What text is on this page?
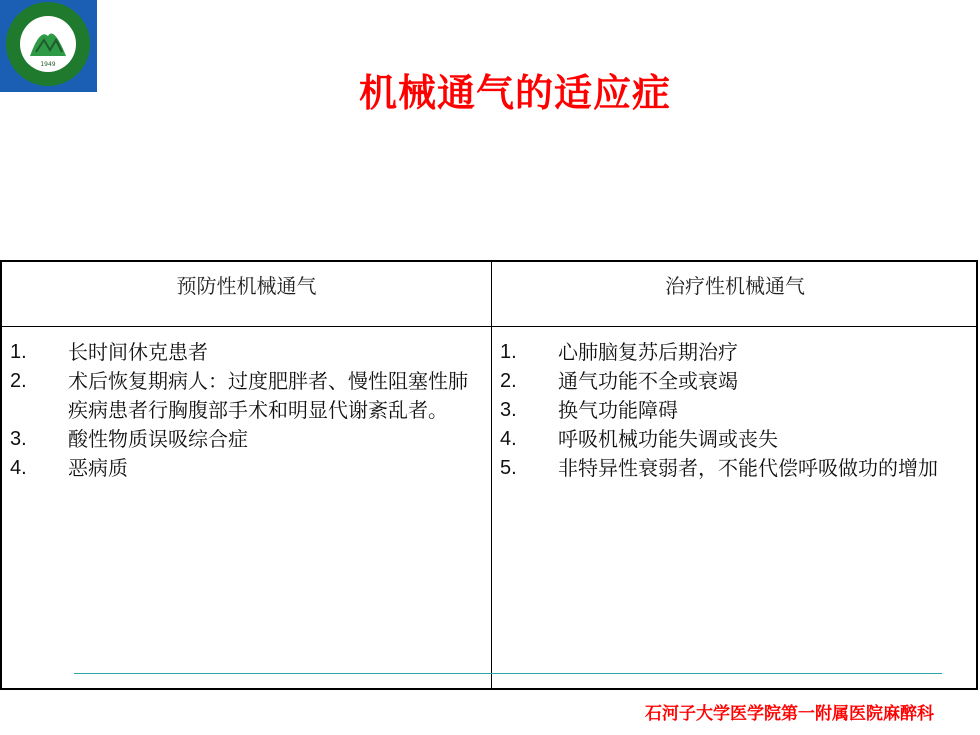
1949
机械通气的适应症
预防性机械通气	治疗性机械通气
1.	长时间休克患者
2.	术后恢复期病人：过度肥胖者、慢性阻塞性肺疾病患者行胸腹部手术和明显代谢紊乱者。
3.	酸性物质误吸综合症
4.	恶病质
1.	心肺脑复苏后期治疗
2.	通气功能不全或衰竭
3.	换气功能障碍
4.	呼吸机械功能失调或丧失
5.	非特异性衰弱者，不能代偿呼吸做功的增加
石河子大学医学院第一附属医院麻醉科
